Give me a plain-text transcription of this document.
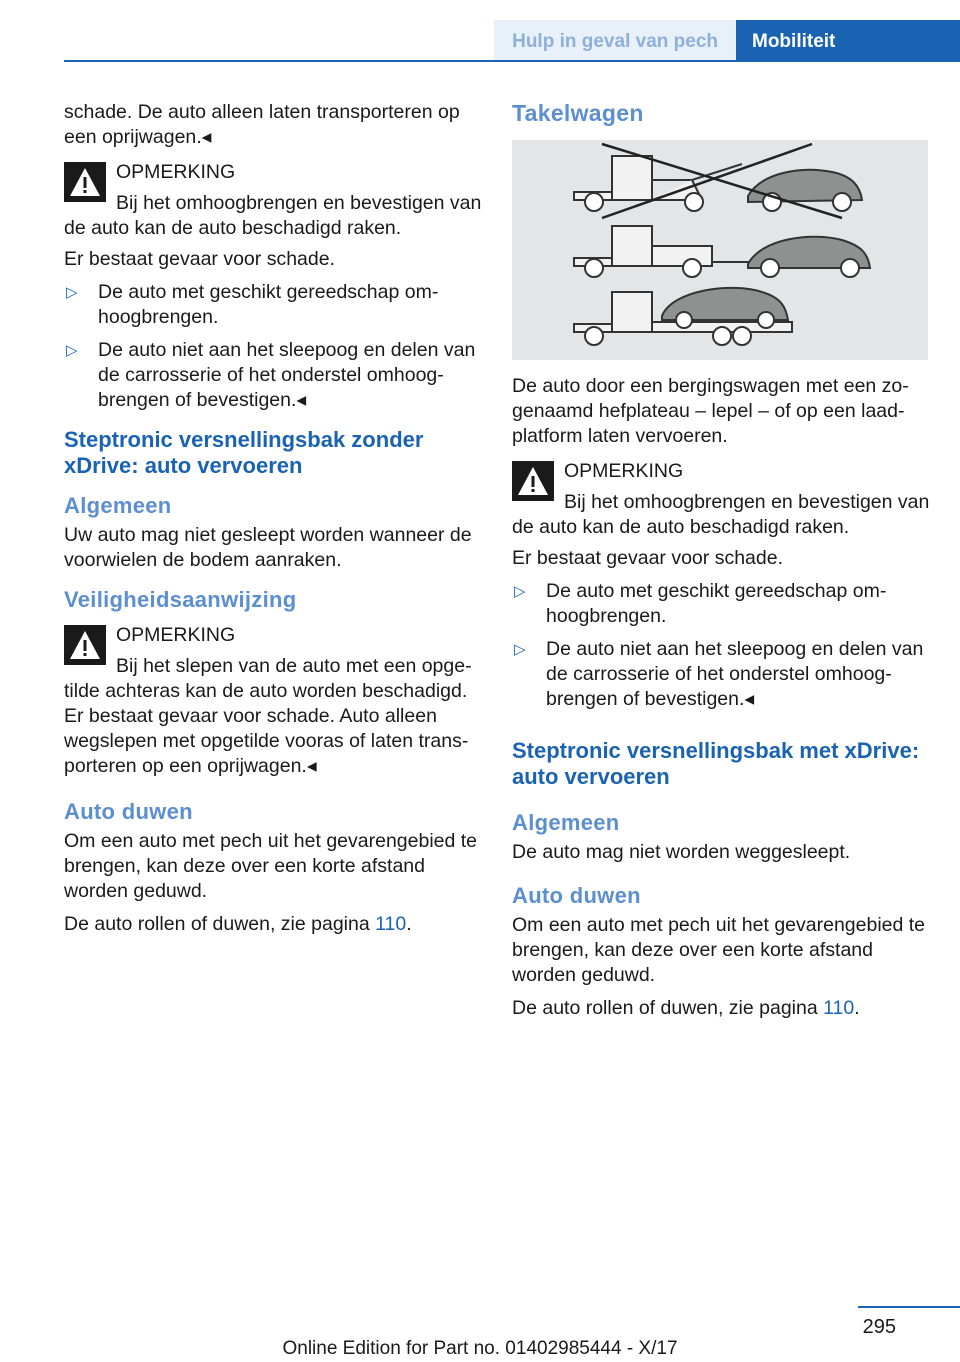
Hulp in geval van pech	Mobiliteit

schade. De auto alleen laten transporteren op een oprijwagen.◂

OPMERKING

Bij het omhoogbrengen en bevestigen van de auto kan de auto beschadigd raken.

Er bestaat gevaar voor schade.

▷ De auto met geschikt gereedschap omhoogbrengen.
▷ De auto niet aan het sleepoog en delen van de carrosserie of het onderstel omhoogbrengen of bevestigen.◂
Steptronic versnellingsbak zonder xDrive: auto vervoeren
Algemeen

Uw auto mag niet gesleept worden wanneer de voorwielen de bodem aanraken.

Veiligheidsaanwijzing
OPMERKING

Bij het slepen van de auto met een opgetilde achteras kan de auto worden beschadigd. Er bestaat gevaar voor schade. Auto alleen wegslepen met opgetilde vooras of laten transporteren op een oprijwagen.◂

Auto duwen

Om een auto met pech uit het gevarengebied te brengen, kan deze over een korte afstand worden geduwd.

De auto rollen of duwen, zie pagina 110.

Takelwagen

De auto door een bergingswagen met een zogenaamd hefplateau – lepel – of op een laadplatform laten vervoeren.

OPMERKING

Bij het omhoogbrengen en bevestigen van de auto kan de auto beschadigd raken.

Er bestaat gevaar voor schade.

▷ De auto met geschikt gereedschap omhoogbrengen.
▷ De auto niet aan het sleepoog en delen van de carrosserie of het onderstel omhoogbrengen of bevestigen.◂
Steptronic versnellingsbak met xDrive: auto vervoeren
Algemeen

De auto mag niet worden weggesleept.

Auto duwen

Om een auto met pech uit het gevarengebied te brengen, kan deze over een korte afstand worden geduwd.

De auto rollen of duwen, zie pagina 110.

295
Online Edition for Part no. 01402985444 - X/17
